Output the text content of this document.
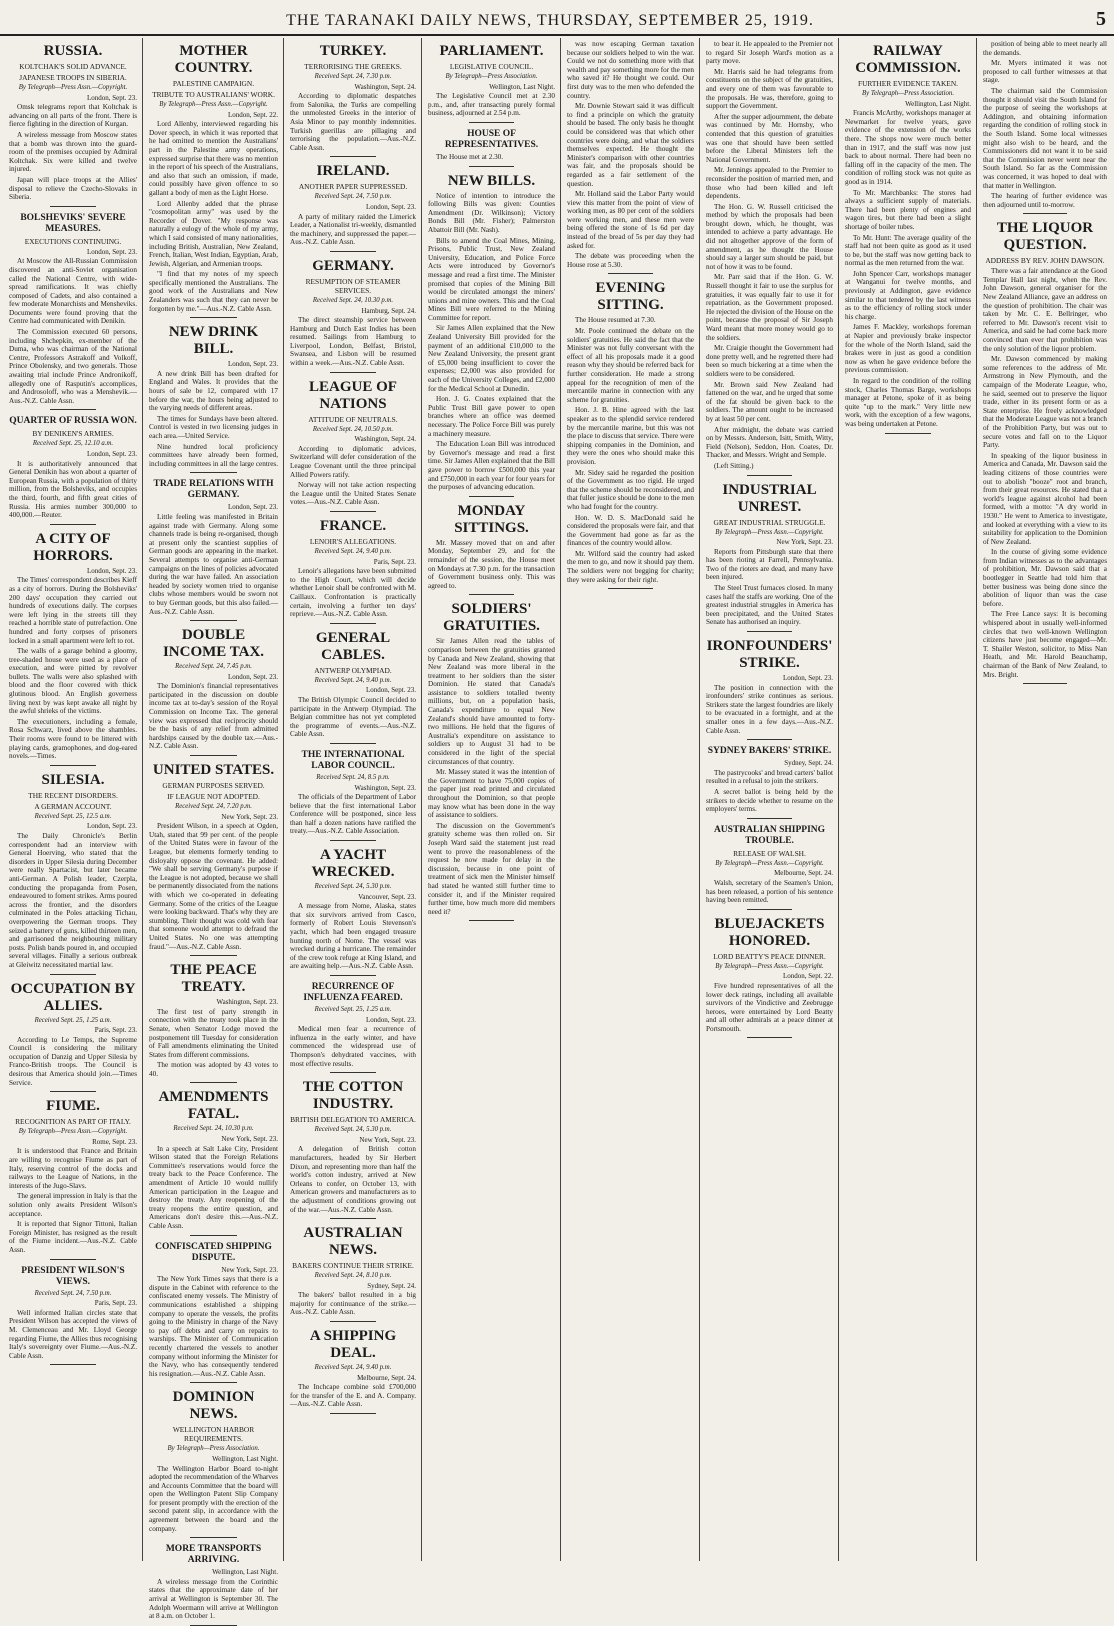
THE TARANAKI DAILY NEWS, THURSDAY, SEPTEMBER 25, 1919.	5
RUSSIA.
KOLTCHAK'S SOLID ADVANCE.
JAPANESE TROOPS IN SIBERIA.
By Telegraph—Press Assn.—Copyright.
London, Sept. 23.

Omsk telegrams report that Koltchak is advancing on all parts of the front. There is fierce fighting in the direction of Kurgan.

A wireless message from Moscow states that a bomb was thrown into the guard-room of the premises occupied by Admiral Koltchak. Six were killed and twelve injured.

Japan will place troops at the Allies' disposal to relieve the Czecho-Slovaks in Siberia.

BOLSHEVIKS' SEVERE MEASURES.
EXECUTIONS CONTINUING.
London, Sept. 23.

At Moscow the All-Russian Commission discovered an anti-Soviet organisation called the National Centre, with wide-spread ramifications. It was chiefly composed of Cadets, and also contained a few moderate Monarchists and Mensheviks. Documents were found proving that the Centre had communicated with Denikin.

The Commission executed 60 persons, including Shchepkin, ex-member of the Duma, who was chairman of the National Centre, Professors Astrakoff and Volkoff, Prince Obolensky, and two generals. Those awaiting trial include Prince Andronikoff, allegedly one of Rasputin's accomplices, and Androsoloff, who was a Menshevik.—Aus.-N.Z. Cable Assn.

QUARTER OF RUSSIA WON.
BY DENIKEN'S ARMIES.
Received Sept. 25, 12.10 a.m.
London, Sept. 23.

It is authoritatively announced that General Denikin has won about a quarter of European Russia, with a population of thirty million, from the Bolsheviks, and occupies the third, fourth, and fifth great cities of Russia. His armies number 300,000 to 400,000.—Reuter.

A CITY OF HORRORS.
London, Sept. 23.

The Times' correspondent describes Kieff as a city of horrors. During the Bolsheviks' 200 days' occupation they carried out hundreds of executions daily. The corpses were left lying in the streets till they reached a horrible state of putrefaction. One hundred and forty corpses of prisoners locked in a small apartment were left to rot.

The walls of a garage behind a gloomy, tree-shaded house were used as a place of execution, and were pitted by revolver bullets. The walls were also splashed with blood and the floor covered with thick glutinous blood. An English governess living next by was kept awake all night by the awful shrieks of the victims.

The executioners, including a female, Rosa Schwarz, lived above the shambles. Their rooms were found to be littered with playing cards, gramophones, and dog-eared novels.—Times.

SILESIA.
THE RECENT DISORDERS.
A GERMAN ACCOUNT.
Received Sept. 25, 12.5 a.m.
London, Sept. 23.

The Daily Chronicle's Berlin correspondent had an interview with General Hoerving, who stated that the disorders in Upper Silesia during December were really Spartacist, but later became anti-German. A Polish leader, Czerpla, conducting the propaganda from Posen, endeavoured to foment strikes. Arms poured across the frontier, and the disorders culminated in the Poles attacking Tichau, overpowering the German troops. They seized a battery of guns, killed thirteen men, and garrisoned the neighbouring military posts. Polish bands poured in, and occupied several villages. Finally a serious outbreak at Gleiwitz necessitated martial law.

OCCUPATION BY ALLIES.
Received Sept. 25, 1.25 a.m.
Paris, Sept. 23.

According to Le Temps, the Supreme Council is considering the military occupation of Danzig and Upper Silesia by Franco-British troops. The Council is desirous that America should join.—Times Service.

FIUME.
RECOGNITION AS PART OF ITALY.
By Telegraph—Press Assn.—Copyright.
Rome, Sept. 23.

It is understood that France and Britain are willing to recognise Fiume as part of Italy, reserving control of the docks and railways to the League of Nations, in the interests of the Jugo-Slavs.

The general impression in Italy is that the solution only awaits President Wilson's acceptance.

It is reported that Signor Tittoni, Italian Foreign Minister, has resigned as the result of the Fiume incident.—Aus.-N.Z. Cable Assn.

PRESIDENT WILSON'S VIEWS.
Received Sept. 24, 7.50 p.m.
Paris, Sept. 23.

Well informed Italian circles state that President Wilson has accepted the views of M. Clemenceau and Mr. Lloyd George regarding Fiume, the Allies thus recognising Italy's sovereignty over Fiume.—Aus.-N.Z. Cable Assn.

MOTHER COUNTRY.
PALESTINE CAMPAIGN.
TRIBUTE TO AUSTRALIANS' WORK.
By Telegraph—Press Assn.—Copyright.
London, Sept. 22.

Lord Allenby, interviewed regarding his Dover speech, in which it was reported that he had omitted to mention the Australians' part in the Palestine army operations, expressed surprise that there was no mention in the report of his speech of the Australians, and also that such an omission, if made, could possibly have given offence to so gallant a body of men as the Light Horse.

Lord Allenby added that the phrase "cosmopolitan army" was used by the Recorder of Dover. "My response was naturally a eulogy of the whole of my army, which I said consisted of many nationalities, including British, Australian, New Zealand, French, Italian, West Indian, Egyptian, Arab, Jewish, Algerian, and Armenian troops.

"I find that my notes of my speech specifically mentioned the Australians. The good work of the Australians and New Zealanders was such that they can never be forgotten by me."—Aus.-N.Z. Cable Assn.

NEW DRINK BILL.
London, Sept. 23.

A new drink Bill has been drafted for England and Wales. It provides that the hours of sale be 12, compared with 17 before the war, the hours being adjusted to the varying needs of different areas.

The times for Sundays have been altered. Control is vested in two licensing judges in each area.—United Service.

Nine hundred local proficiency committees have already been formed, including committees in all the large centres.

TRADE RELATIONS WITH GERMANY.
London, Sept. 23.

Little feeling was manifested in Britain against trade with Germany. Along some channels trade is being re-organised, though at present only the scantiest supplies of German goods are appearing in the market. Several attempts to organise anti-German campaigns on the lines of policies advocated during the war have failed. An association headed by society women tried to organise clubs whose members would be sworn not to buy German goods, but this also failed.—Aus.-N.Z. Cable Assn.

DOUBLE INCOME TAX.
Received Sept. 24, 7.45 p.m.
London, Sept. 23.

The Dominion's financial representatives participated in the discussion on double income tax at to-day's session of the Royal Commission on Income Tax. The general view was expressed that reciprocity should be the basis of any relief from admitted hardships caused by the double tax.—Aus.-N.Z. Cable Assn.

UNITED STATES.
GERMAN PURPOSES SERVED.
IF LEAGUE NOT ADOPTED.
Received Sept. 24, 7.20 p.m.
New York, Sept. 23.

President Wilson, in a speech at Ogden, Utah, stated that 99 per cent. of the people of the United States were in favour of the League, but elements formerly tending to disloyalty oppose the covenant. He added: "We shall be serving Germany's purpose if the League is not adopted, because we shall be permanently dissociated from the nations with which we co-operated in defeating Germany. Some of the critics of the League were looking backward. That's why they are stumbling. Their thought was cold with fear that someone would attempt to defraud the United States. No one was attempting fraud."—Aus.-N.Z. Cable Assn.

THE PEACE TREATY.
Washington, Sept. 23.

The first test of party strength in connection with the treaty took place in the Senate, when Senator Lodge moved the postponement till Tuesday for consideration of Fall amendments eliminating the United States from different commissions.

The motion was adopted by 43 votes to 40.

AMENDMENTS FATAL.
Received Sept. 24, 10.30 p.m.
New York, Sept. 23.

In a speech at Salt Lake City, President Wilson stated that the Foreign Relations Committee's reservations would force the treaty back to the Peace Conference. The amendment of Article 10 would nullify American participation in the League and destroy the treaty. Any reopening of the treaty reopens the entire question, and Americans don't desire this.—Aus.-N.Z. Cable Assn.

CONFISCATED SHIPPING DISPUTE.
New York, Sept. 23.

The New York Times says that there is a dispute in the Cabinet with reference to the confiscated enemy vessels. The Ministry of communications established a shipping company to operate the vessels, the profits going to the Ministry in charge of the Navy to pay off debts and carry on repairs to warships. The Minister of Communication recently chartered the vessels to another company without informing the Minister for the Navy, who has consequently tendered his resignation.—Aus.-N.Z. Cable Assn.

DOMINION NEWS.
WELLINGTON HARBOR REQUIREMENTS.
By Telegraph—Press Association.
Wellington, Last Night.

The Wellington Harbor Board to-night adopted the recommendation of the Wharves and Accounts Committee that the board will open the Wellington Patent Slip Company for present promptly with the erection of the second patent slip, in accordance with the agreement between the board and the company.

MORE TRANSPORTS ARRIVING.
Wellington, Last Night.

A wireless message from the Corinthic states that the approximate date of her arrival at Wellington is September 30. The Adolph Woermann will arrive at Wellington at 8 a.m. on October 1.

TURKEY.
TERRORISING THE GREEKS.
Received Sept. 24, 7.30 p.m.
Washington, Sept. 24.

According to diplomatic despatches from Salonika, the Turks are compelling the unmolested Greeks in the interior of Asia Minor to pay monthly indemnities. Turkish guerillas are pillaging and terrorising the population.—Aus.-N.Z. Cable Assn.

IRELAND.
ANOTHER PAPER SUPPRESSED.
Received Sept. 24, 7.50 p.m.
London, Sept. 23.

A party of military raided the Limerick Leader, a Nationalist tri-weekly, dismantled the machinery, and suppressed the paper.—Aus.-N.Z. Cable Assn.

GERMANY.
RESUMPTION OF STEAMER SERVICES.
Received Sept. 24, 10.30 p.m.
Hamburg, Sept. 24.

The direct steamship service between Hamburg and Dutch East Indies has been resumed. Sailings from Hamburg to Liverpool, London, Belfast, Bristol, Swansea, and Lisbon will be resumed within a week.—Aus.-N.Z. Cable Assn.

LEAGUE OF NATIONS
ATTITUDE OF NEUTRALS.
Received Sept. 24, 10.50 p.m.
Washington, Sept. 24.

According to diplomatic advices, Switzerland will defer consideration of the League Covenant until the three principal Allied Powers ratify.

Norway will not take action respecting the League until the United States Senate votes.—Aus.-N.Z. Cable Assn.

FRANCE.
LENOIR'S ALLEGATIONS.
Received Sept. 24, 9.40 p.m.
Paris, Sept. 23.

Lenoir's allegations have been submitted to the High Court, which will decide whether Lenoir shall be confronted with M. Caillaux. Confrontation is practically certain, involving a further ten days' reprieve.—Aus.-N.Z. Cable Assn.

GENERAL CABLES.
ANTWERP OLYMPIAD.
Received Sept. 24, 9.40 p.m.
London, Sept. 23.

The British Olympic Council decided to participate in the Antwerp Olympiad. The Belgian committee has not yet completed the programme of events.—Aus.-N.Z. Cable Assn.

THE INTERNATIONAL LABOR COUNCIL.
Received Sept. 24, 8.5 p.m.
Washington, Sept. 23.

The officials of the Department of Labor believe that the first international Labor Conference will be postponed, since less than half a dozen nations have ratified the treaty.—Aus.-N.Z. Cable Association.

A YACHT WRECKED.
Received Sept. 24, 5.30 p.m.
Vancouver, Sept. 23.

A message from Nome, Alaska, states that six survivors arrived from Casco, formerly of Robert Louis Stevenson's yacht, which had been engaged treasure hunting north of Nome. The vessel was wrecked during a hurricane. The remainder of the crew took refuge at King Island, and are awaiting help.—Aus.-N.Z. Cable Assn.

RECURRENCE OF INFLUENZA FEARED.
Received Sept. 25, 1.25 a.m.
London, Sept. 23.

Medical men fear a recurrence of influenza in the early winter, and have commenced the widespread use of Thompson's dehydrated vaccines, with most effective results.

THE COTTON INDUSTRY.
BRITISH DELEGATION TO AMERICA.
Received Sept. 24, 5.30 p.m.
New York, Sept. 23.

A delegation of British cotton manufacturers, headed by Sir Herbert Dixon, and representing more than half the world's cotton industry, arrived at New Orleans to confer, on October 13, with American growers and manufacturers as to the adjustment of conditions growing out of the war.—Aus.-N.Z. Cable Assn.

AUSTRALIAN NEWS.
BAKERS CONTINUE THEIR STRIKE.
Received Sept. 24, 8.10 p.m.
Sydney, Sept. 24.

The bakers' ballot resulted in a big majority for continuance of the strike.—Aus.-N.Z. Cable Assn.

A SHIPPING DEAL.
Received Sept. 24, 9.40 p.m.
Melbourne, Sept. 24.

The Inchcape combine sold £700,000 for the transfer of the E. and A. Company.—Aus.-N.Z. Cable Assn.

PARLIAMENT.
LEGISLATIVE COUNCIL.
By Telegraph—Press Association.
Wellington, Last Night.

The Legislative Council met at 2.30 p.m., and, after transacting purely formal business, adjourned at 2.54 p.m.

HOUSE OF REPRESENTATIVES.

The House met at 2.30.

NEW BILLS.

Notice of intention to introduce the following Bills was given: Counties Amendment (Dr. Wilkinson); Victory Bonds Bill (Mr. Fisher); Palmerston Abattoir Bill (Mr. Nash).

Bills to amend the Coal Mines, Mining, Prisons, Public Trust, New Zealand University, Education, and Police Force Acts were introduced by Governor's message and read a first time. The Minister promised that copies of the Mining Bill would be circulated amongst the miners' unions and mine owners. This and the Coal Mines Bill were referred to the Mining Committee for report.

Sir James Allen explained that the New Zealand University Bill provided for the payment of an additional £10,000 to the New Zealand University, the present grant of £5,000 being insufficient to cover the expenses; £2,000 was also provided for each of the University Colleges, and £2,000 for the Medical School at Dunedin.

Hon. J. G. Coates explained that the Public Trust Bill gave power to open branches where an office was deemed necessary. The Police Force Bill was purely a machinery measure.

The Education Loan Bill was introduced by Governor's message and read a first time. Sir James Allen explained that the Bill gave power to borrow £500,000 this year and £750,000 in each year for four years for the purposes of advancing education.

MONDAY SITTINGS.

Mr. Massey moved that on and after Monday, September 29, and for the remainder of the session, the House meet on Mondays at 7.30 p.m. for the transaction of Government business only. This was agreed to.

SOLDIERS' GRATUITIES.

Sir James Allen read the tables of comparison between the gratuities granted by Canada and New Zealand, showing that New Zealand was more liberal in the treatment to her soldiers than the sister Dominion. He stated that Canada's assistance to soldiers totalled twenty millions, but, on a population basis, Canada's expenditure to equal New Zealand's should have amounted to forty-two millions. He held that the figures of Australia's expenditure on assistance to soldiers up to August 31 had to be considered in the light of the special circumstances of that country.

Mr. Massey stated it was the intention of the Government to have 75,000 copies of the paper just read printed and circulated throughout the Dominion, so that people may know what has been done in the way of assistance to soldiers.

The discussion on the Government's gratuity scheme was then rolled on. Sir Joseph Ward said the statement just read went to prove the reasonableness of the request he now made for delay in the discussion, because in one point of treatment of sick men the Minister himself had stated he wanted still further time to consider it, and if the Minister required further time, how much more did members need it?

was now escaping German taxation because our soldiers helped to win the war. Could we not do something more with that wealth and pay something more for the men who saved it? He thought we could. Our first duty was to the men who defended the country.

Mr. Downie Stewart said it was difficult to find a principle on which the gratuity should be based. The only basis he thought could be considered was that which other countries were doing, and what the soldiers themselves expected. He thought the Minister's comparison with other countries was fair, and the proposals should be regarded as a fair settlement of the question.

Mr. Holland said the Labor Party would view this matter from the point of view of working men, as 80 per cent of the soldiers were working men, and these men were being offered the stone of 1s 6d per day instead of the bread of 5s per day they had asked for.

The debate was proceeding when the House rose at 5.30.

EVENING SITTING.

The House resumed at 7.30.

Mr. Poole continued the debate on the soldiers' gratuities. He said the fact that the Minister was not fully conversant with the effect of all his proposals made it a good reason why they should be referred back for further consideration. He made a strong appeal for the recognition of men of the mercantile marine in connection with any scheme for gratuities.

Hon. J. B. Hine agreed with the last speaker as to the splendid service rendered by the mercantile marine, but this was not the place to discuss that service. There were shipping companies in the Dominion, and they were the ones who should make this provision.

Mr. Sidey said he regarded the position of the Government as too rigid. He urged that the scheme should be reconsidered, and that fuller justice should be done to the men who had fought for the country.

Hon. W. D. S. MacDonald said he considered the proposals were fair, and that the Government had gone as far as the finances of the country would allow.

Mr. Wilford said the country had asked the men to go, and now it should pay them. The soldiers were not begging for charity; they were asking for their right.

to bear it. He appealed to the Premier not to regard Sir Joseph Ward's motion as a party move.

Mr. Harris said he had telegrams from constituents on the subject of the gratuities, and every one of them was favourable to the proposals. He was, therefore, going to support the Government.

After the supper adjournment, the debate was continued by Mr. Hornsby, who contended that this question of gratuities was one that should have been settled before the Liberal Ministers left the National Government.

Mr. Jennings appealed to the Premier to reconsider the position of married men, and those who had been killed and left dependents.

The Hon. G. W. Russell criticised the method by which the proposals had been brought down, which, he thought, was intended to achieve a party advantage. He did not altogether approve of the form of amendment, as he thought the House should say a larger sum should be paid, but not of how it was to be found.

Mr. Parr said that if the Hon. G. W. Russell thought it fair to use the surplus for gratuities, it was equally fair to use it for repatriation, as the Government proposed. He rejected the division of the House on the point, because the proposal of Sir Joseph Ward meant that more money would go to the soldiers.

Mr. Craigie thought the Government had done pretty well, and he regretted there had been so much bickering at a time when the soldiers were to be considered.

Mr. Brown said New Zealand had fattened on the war, and he urged that some of the fat should be given back to the soldiers. The amount ought to be increased by at least 50 per cent.

After midnight, the debate was carried on by Messrs. Anderson, Isitt, Smith, Witty, Field (Nelson), Seddon, Hon. Coates, Dr. Thacker, and Messrs. Wright and Semple.

(Left Sitting.)

INDUSTRIAL UNREST.
GREAT INDUSTRIAL STRUGGLE.
By Telegraph—Press Assn.—Copyright.
New York, Sept. 23.

Reports from Pittsburgh state that there has been rioting at Farrell, Pennsylvania. Two of the rioters are dead, and many have been injured.

The Steel Trust furnaces closed. In many cases half the staffs are working. One of the greatest industrial struggles in America has been precipitated, and the United States Senate has authorised an inquiry.

IRONFOUNDERS' STRIKE.
London, Sept. 23.

The position in connection with the ironfounders' strike continues as serious. Strikers state the largest foundries are likely to be evacuated in a fortnight, and at the smaller ones in a few days.—Aus.-N.Z. Cable Assn.

SYDNEY BAKERS' STRIKE.
Sydney, Sept. 24.

The pastrycooks' and bread carters' ballot resulted in a refusal to join the strikers.

A secret ballot is being held by the strikers to decide whether to resume on the employers' terms.

AUSTRALIAN SHIPPING TROUBLE.
RELEASE OF WALSH.
By Telegraph—Press Assn.—Copyright.
Melbourne, Sept. 24.

Walsh, secretary of the Seamen's Union, has been released, a portion of his sentence having been remitted.

BLUEJACKETS HONORED.
LORD BEATTY'S PEACE DINNER.
By Telegraph—Press Assn.—Copyright.
London, Sept. 22.

Five hundred representatives of all the lower deck ratings, including all available survivors of the Vindictive and Zeebrugge heroes, were entertained by Lord Beatty and all other admirals at a peace dinner at Portsmouth.

RAILWAY COMMISSION.
FURTHER EVIDENCE TAKEN.
By Telegraph—Press Association.
Wellington, Last Night.

Francis McArthy, workshops manager at Newmarket for twelve years, gave evidence of the extension of the works there. The shops now were much better than in 1917, and the staff was now just back to about normal. There had been no falling off in the capacity of the men. The condition of rolling stock was not quite as good as in 1914.

To Mr. Marchbanks: The stores had always a sufficient supply of materials. There had been plenty of engines and wagon tires, but there had been a slight shortage of boiler tubes.

To Mr. Hunt: The average quality of the staff had not been quite as good as it used to be, but the staff was now getting back to normal as the men returned from the war.

John Spencer Carr, workshops manager at Wanganui for twelve months, and previously at Addington, gave evidence similar to that tendered by the last witness as to the efficiency of rolling stock under his charge.

James F. Mackley, workshops foreman at Napier and previously brake inspector for the whole of the North Island, said the brakes were in just as good a condition now as when he gave evidence before the previous commission.

In regard to the condition of the rolling stock, Charles Thomas Barge, workshops manager at Petone, spoke of it as being quite "up to the mark." Very little new work, with the exception of a few wagons, was being undertaken at Petone.

position of being able to meet nearly all the demands.

Mr. Myers intimated it was not proposed to call further witnesses at that stage.

The chairman said the Commission thought it should visit the South Island for the purpose of seeing the workshops at Addington, and obtaining information regarding the condition of rolling stock in the South Island. Some local witnesses might also wish to be heard, and the Commissioners did not want it to be said that the Commission never went near the South Island. So far as the Commission was concerned, it was hoped to deal with that matter in Wellington.

The hearing of further evidence was then adjourned until to-morrow.

THE LIQUOR QUESTION.
ADDRESS BY REV. JOHN DAWSON.

There was a fair attendance at the Good Templar Hall last night, when the Rev. John Dawson, general organiser for the New Zealand Alliance, gave an address on the question of prohibition. The chair was taken by Mr. C. E. Bellringer, who referred to Mr. Dawson's recent visit to America, and said he had come back more convinced than ever that prohibition was the only solution of the liquor problem.

Mr. Dawson commenced by making some references to the address of Mr. Armstrong in New Plymouth, and the campaign of the Moderate League, who, he said, seemed out to preserve the liquor trade, either in its present form or as a State enterprise. He freely acknowledged that the Moderate League was not a branch of the Prohibition Party, but was out to secure votes and fall on to the Liquor Party.

In speaking of the liquor business in America and Canada, Mr. Dawson said the leading citizens of those countries were out to abolish "booze" root and branch, from their great resources. He stated that a world's league against alcohol had been formed, with a motto: "A dry world in 1930." He went to America to investigate, and looked at everything with a view to its suitability for application to the Dominion of New Zealand.

In the course of giving some evidence from Indian witnesses as to the advantages of prohibition, Mr. Dawson said that a bootlegger in Seattle had told him that better business was being done since the abolition of liquor than was the case before.

The Free Lance says: It is becoming whispered about in usually well-informed circles that two well-known Wellington citizens have just become engaged—Mr. T. Shailer Weston, solicitor, to Miss Nan Heath, and Mr. Harold Beauchamp, chairman of the Bank of New Zealand, to Mrs. Bright.
